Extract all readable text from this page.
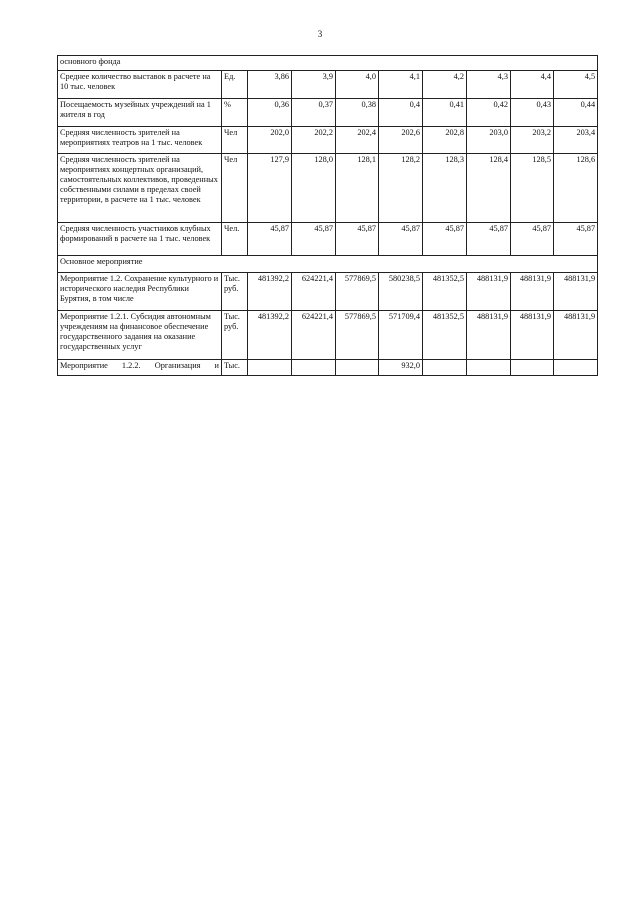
3
основного фонда									
Среднее количество выставок в расчете на 10 тыс. человек	Ед.	3,86	3,9	4,0	4,1	4,2	4,3	4,4	4,5
Посещаемость музейных учреждений на 1 жителя в год	%	0,36	0,37	0,38	0,4	0,41	0,42	0,43	0,44
Средняя численность зрителей на мероприятиях театров на 1 тыс. человек	Чел	202,0	202,2	202,4	202,6	202,8	203,0	203,2	203,4
Средняя численность зрителей на мероприятиях концертных организаций, самостоятельных коллективов, проведенных собственными силами в пределах своей территории, в расчете на 1 тыс. человек	Чел	127,9	128,0	128,1	128,2	128,3	128,4	128,5	128,6
Средняя численность участников клубных формирований в расчете на 1 тыс. человек	Чел.	45,87	45,87	45,87	45,87	45,87	45,87	45,87	45,87
Основное мероприятие									
Мероприятие 1.2. Сохранение культурного и исторического наследия Республики Бурятия, в том числе	Тыс. руб.	481392,2	624221,4	577869,5	580238,5	481352,5	488131,9	488131,9	488131,9
Мероприятие 1.2.1. Субсидия автономным учреждениям на финансовое обеспечение государственного задания на оказание государственных услуг	Тыс. руб.	481392,2	624221,4	577869,5	571709,4	481352,5	488131,9	488131,9	488131,9
Мероприятие 1.2.2. Организация и	Тыс.				932,0				
